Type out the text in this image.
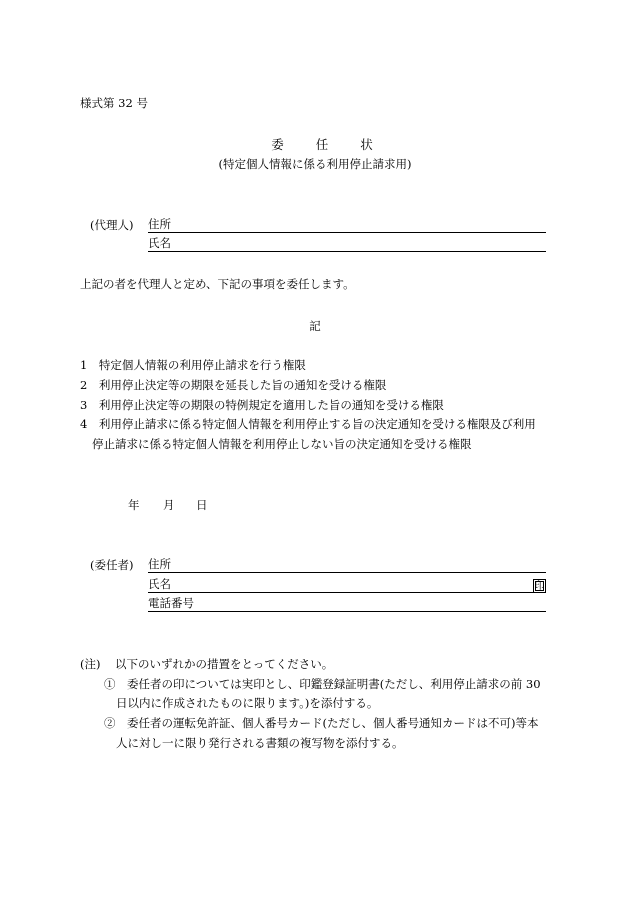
様式第 32 号
委 任 状
(特定個人情報に係る利用停止請求用)
(代理人) 住所
氏名
上記の者を代理人と定め、下記の事項を委任します。
記
1　特定個人情報の利用停止請求を行う権限
2　利用停止決定等の期限を延長した旨の通知を受ける権限
3　利用停止決定等の期限の特例規定を適用した旨の通知を受ける権限
4　利用停止請求に係る特定個人情報を利用停止する旨の決定通知を受ける権限及び利用
停止請求に係る特定個人情報を利用停止しない旨の決定通知を受ける権限
年 月 日
(委任者) 住所
氏名	印
電話番号
(注) 以下のいずれかの措置をとってください。
①　委任者の印については実印とし、印鑑登録証明書(ただし、利用停止請求の前 30
日以内に作成されたものに限ります。)を添付する。
②　委任者の運転免許証、個人番号カード(ただし、個人番号通知カードは不可)等本
人に対し一に限り発行される書類の複写物を添付する。
